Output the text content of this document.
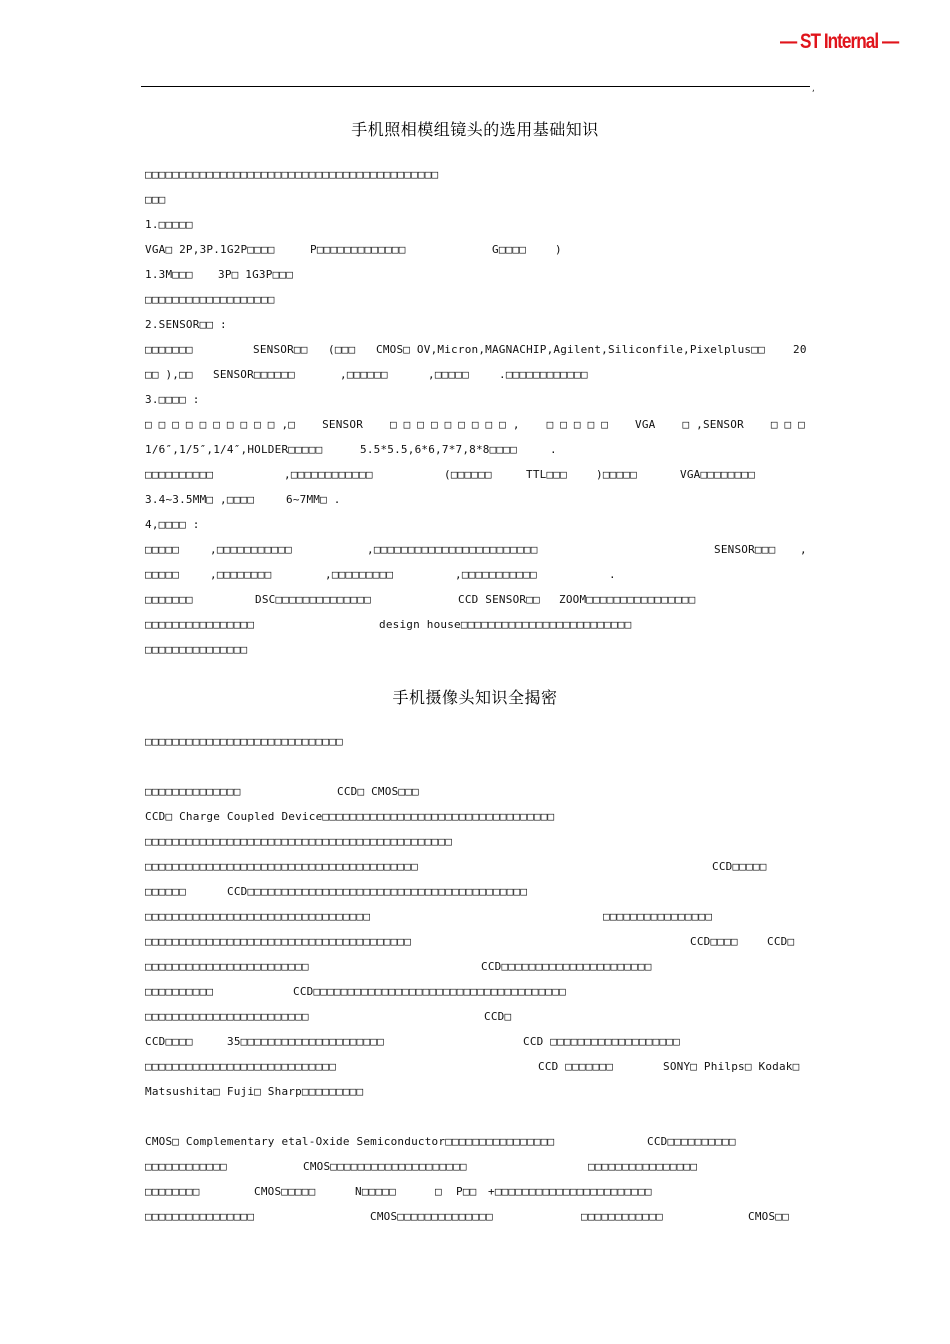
— ST Internal —
,
手机照相模组镜头的选用基础知识
□□□□□□□□□□□□□□□□□□□□□□□□□□□□□□□□□□□□□□□□□□□
□□□
1.□□□□□
VGA□ 2P,3P.1G2P□□□□	P□□□□□□□□□□□□□	G□□□□	)
1.3M□□□ 3P□ 1G3P□□□
□□□□□□□□□□□□□□□□□□□
2.SENSOR□□ :
□□□□□□□	SENSOR□□ (□□□ CMOS□ OV,Micron,MAGNACHIP,Agilent,Siliconfile,Pixelplus□□	20
□□ ),□□ SENSOR□□□□□□	,□□□□□□	,□□□□□	.□□□□□□□□□□□□
3.□□□□ :
□ □ □ □ □ □ □ □ □ □ ,□ SENSOR □ □ □ □ □ □ □ □ □ , □ □ □ □ □ VGA □ ,SENSOR □ □ □
1/6″,1/5″,1/4″,HOLDER□□□□□	5.5*5.5,6*6,7*7,8*8□□□□	.
□□□□□□□□□□	,□□□□□□□□□□□□	(□□□□□□	TTL□□□	)□□□□□	VGA□□□□□□□□
3.4~3.5MM□ ,□□□□	6~7MM□ .
4,□□□□ :
□□□□□	,□□□□□□□□□□□	,□□□□□□□□□□□□□□□□□□□□□□□□	SENSOR□□□ ,
□□□□□	,□□□□□□□□	,□□□□□□□□□	,□□□□□□□□□□□	.
□□□□□□□	DSC□□□□□□□□□□□□□□	CCD SENSOR□□ ZOOM□□□□□□□□□□□□□□□□
□□□□□□□□□□□□□□□□	design house□□□□□□□□□□□□□□□□□□□□□□□□□
□□□□□□□□□□□□□□□
手机摄像头知识全揭密
□□□□□□□□□□□□□□□□□□□□□□□□□□□□□
□□□□□□□□□□□□□□	CCD□ CMOS□□□
CCD□ Charge Coupled Device□□□□□□□□□□□□□□□□□□□□□□□□□□□□□□□□□□
□□□□□□□□□□□□□□□□□□□□□□□□□□□□□□□□□□□□□□□□□□□□□
□□□□□□□□□□□□□□□□□□□□□□□□□□□□□□□□□□□□□□□□	CCD□□□□□
□□□□□□	CCD□□□□□□□□□□□□□□□□□□□□□□□□□□□□□□□□□□□□□□□□□
□□□□□□□□□□□□□□□□□□□□□□□□□□□□□□□□□	□□□□□□□□□□□□□□□□
□□□□□□□□□□□□□□□□□□□□□□□□□□□□□□□□□□□□□□□	CCD□□□□	CCD□
□□□□□□□□□□□□□□□□□□□□□□□□	CCD□□□□□□□□□□□□□□□□□□□□□□
□□□□□□□□□□	CCD□□□□□□□□□□□□□□□□□□□□□□□□□□□□□□□□□□□□□
□□□□□□□□□□□□□□□□□□□□□□□□	CCD□
CCD□□□□	35□□□□□□□□□□□□□□□□□□□□□	CCD □□□□□□□□□□□□□□□□□□□
□□□□□□□□□□□□□□□□□□□□□□□□□□□□	CCD □□□□□□□	SONY□ Philps□ Kodak□
Matsushita□ Fuji□ Sharp□□□□□□□□□
CMOS□ Complementary etal-Oxide Semiconductor□□□□□□□□□□□□□□□□	CCD□□□□□□□□□□
□□□□□□□□□□□□	CMOS□□□□□□□□□□□□□□□□□□□□	□□□□□□□□□□□□□□□□
□□□□□□□□	CMOS□□□□□	N□□□□□	□ P□□ +□□□□□□□□□□□□□□□□□□□□□□□
□□□□□□□□□□□□□□□□	CMOS□□□□□□□□□□□□□□	□□□□□□□□□□□□	CMOS□□
